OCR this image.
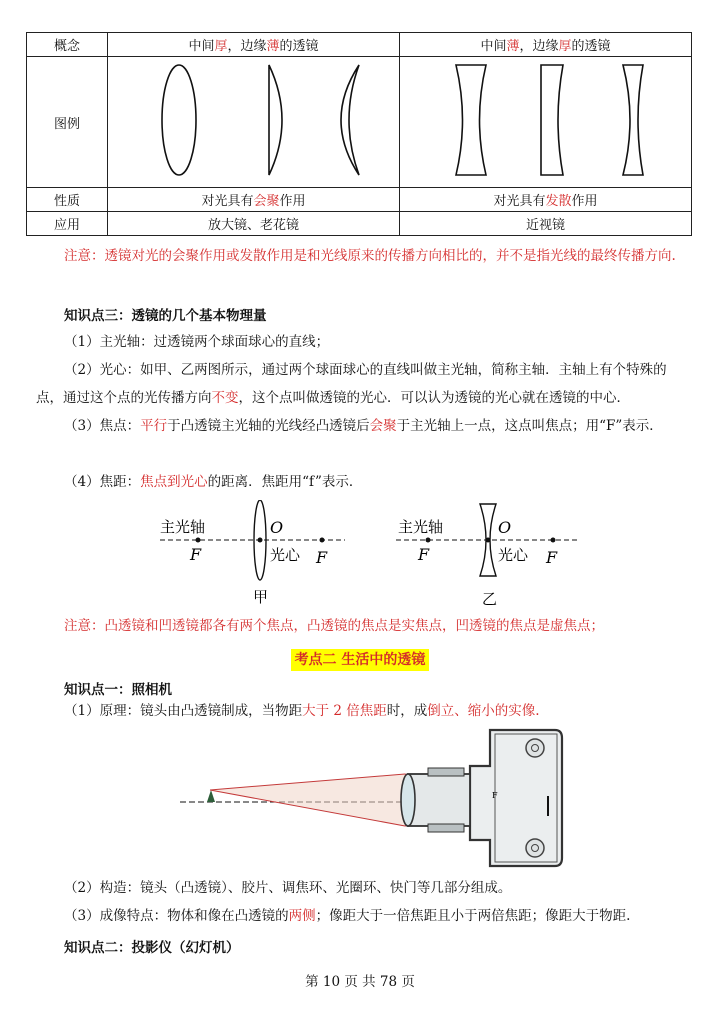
概念	中间厚，边缘薄的透镜	中间薄，边缘厚的透镜
图例		
性质	对光具有会聚作用	对光具有发散作用
应用	放大镜、老花镜	近视镜
注意：透镜对光的会聚作用或发散作用是和光线原来的传播方向相比的，并不是指光线的最终传播方向.
知识点三：透镜的几个基本物理量
（1）主光轴：过透镜两个球面球心的直线；
（2）光心：如甲、乙两图所示，通过两个球面球心的直线叫做主光轴，简称主轴．主轴上有个特殊的点，通过这个点的光传播方向不变，这个点叫做透镜的光心．可以认为透镜的光心就在透镜的中心．
（3）焦点：平行于凸透镜主光轴的光线经凸透镜后会聚于主光轴上一点，这点叫焦点；用“F”表示．
（4）焦距：焦点到光心的距离．焦距用“f”表示．
主光轴	O
F	光心 F
甲
主光轴	O
F	光心 F
乙
注意：凸透镜和凹透镜都各有两个焦点，凸透镜的焦点是实焦点，凹透镜的焦点是虚焦点；
考点二 生活中的透镜
知识点一：照相机
（1）原理：镜头由凸透镜制成，当物距大于 2 倍焦距时，成倒立、缩小的实像.
F
（2）构造：镜头（凸透镜）、胶片、调焦环、光圈环、快门等几部分组成。
（3）成像特点：物体和像在凸透镜的两侧；像距大于一倍焦距且小于两倍焦距；像距大于物距.
知识点二：投影仪（幻灯机）
第 10 页 共 78 页
